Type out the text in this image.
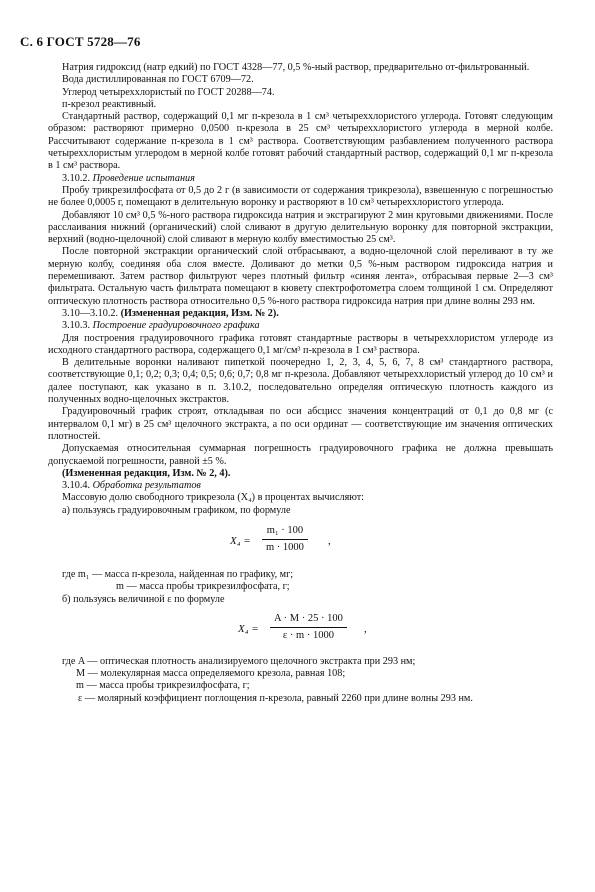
С. 6 ГОСТ 5728—76

Натрия гидроксид (натр едкий) по ГОСТ 4328—77, 0,5 %-ный раствор, предварительно от-фильтрованный.

Вода дистиллированная по ГОСТ 6709—72.

Углерод четыреххлористый по ГОСТ 20288—74.

п-крезол реактивный.

Стандартный раствор, содержащий 0,1 мг п-крезола в 1 см³ четыреххлористого углерода. Готовят следующим образом: растворяют примерно 0,0500 п-крезола в 25 см³ четыреххлористого углерода в мерной колбе. Рассчитывают содержание п-крезола в 1 см³ раствора. Соответствующим разбавлением полученного раствора четыреххлористым углеродом в мерной колбе готовят рабочий стандартный раствор, содержащий 0,1 мг п-крезола в 1 см³ раствора.

3.10.2. Проведение испытания

Пробу трикрезилфосфата от 0,5 до 2 г (в зависимости от содержания трикрезола), взвешенную с погрешностью не более 0,0005 г, помещают в делительную воронку и растворяют в 10 см³ четыреххлористого углерода.

Добавляют 10 см³ 0,5 %-ного раствора гидроксида натрия и экстрагируют 2 мин круговыми движениями. После расслаивания нижний (органический) слой сливают в другую делительную воронку для повторной экстракции, верхний (водно-щелочной) слой сливают в мерную колбу вместимостью 25 см³.

После повторной экстракции органический слой отбрасывают, а водно-щелочной слой переливают в ту же мерную колбу, соединяя оба слоя вместе. Доливают до метки 0,5 %-ным раствором гидроксида натрия и перемешивают. Затем раствор фильтруют через плотный фильтр «синяя лента», отбрасывая первые 2—3 см³ фильтрата. Остальную часть фильтрата помещают в кювету спектрофотометра слоем толщиной 1 см. Определяют оптическую плотность раствора относительно 0,5 %-ного раствора гидроксида натрия при длине волны 293 нм.

3.10—3.10.2. (Измененная редакция, Изм. № 2).

3.10.3. Построение градуировочного графика

Для построения градуировочного графика готовят стандартные растворы в четыреххлористом углероде из исходного стандартного раствора, содержащего 0,1 мг/см³ п-крезола в 1 см³ раствора.

В делительные воронки наливают пипеткой поочередно 1, 2, 3, 4, 5, 6, 7, 8 см³ стандартного раствора, соответствующие 0,1; 0,2; 0,3; 0,4; 0,5; 0,6; 0,7; 0,8 мг п-крезола. Добавляют четыреххлористый углерод до 10 см³ и далее поступают, как указано в п. 3.10.2, последовательно определяя оптическую плотность каждого из полученных водно-щелочных экстрактов.

Градуировочный график строят, откладывая по оси абсцисс значения концентраций от 0,1 до 0,8 мг (с интервалом 0,1 мг) в 25 см³ щелочного экстракта, а по оси ординат — соответствующие им значения оптических плотностей.

Допускаемая относительная суммарная погрешность градуировочного графика не должна превышать допускаемой погрешности, равной ±5 %.

(Измененная редакция, Изм. № 2, 4).

3.10.4. Обработка результатов

Массовую долю свободного трикрезола (X₄) в процентах вычисляют:

а) пользуясь градуировочным графиком, по формуле

$X_4 = \frac{\text{m₁ · 100}}{m \cdot 1000}$ ,

где m₁ — масса п-крезола, найденная по графику, мг;

m — масса пробы трикрезилфосфата, г;

б) пользуясь величиной ε по формуле

$X_4 = \frac{A \cdot M \cdot 25 \cdot 100}{\varepsilon \cdot m \cdot 1000}$ ,

где A — оптическая плотность анализируемого щелочного экстракта при 293 нм;

M — молекулярная масса определяемого крезола, равная 108;

m — масса пробы трикрезилфосфата, г;

ε — молярный коэффициент поглощения п-крезола, равный 2260 при длине волны 293 нм.
